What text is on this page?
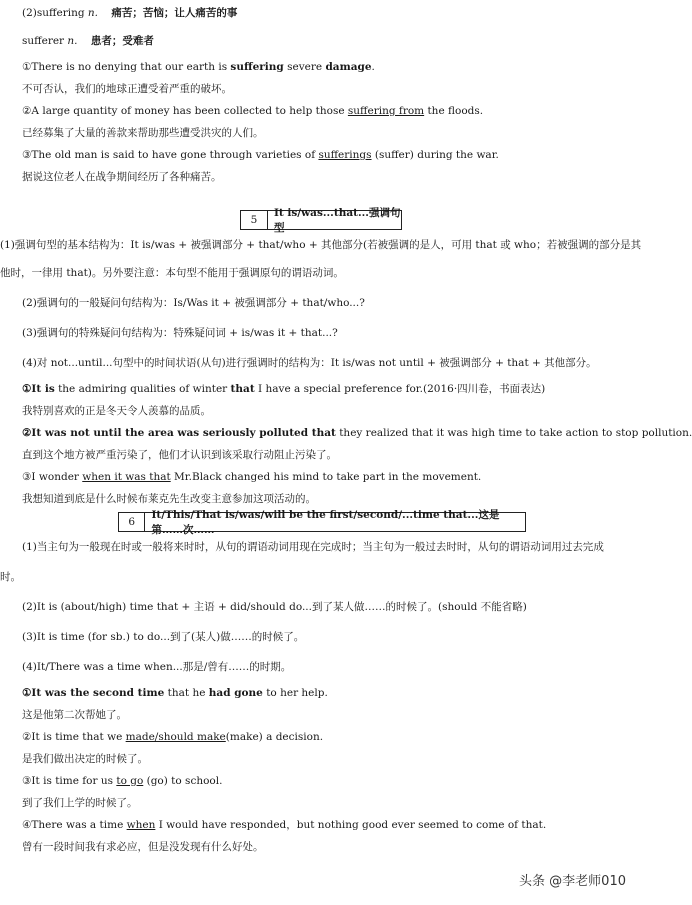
(2)suffering n. 痛苦；苦恼；让人痛苦的事
sufferer n. 患者；受难者
①There is no denying that our earth is suffering severe damage.
不可否认，我们的地球正遭受着严重的破坏。
②A large quantity of money has been collected to help those suffering from the floods.
已经募集了大量的善款来帮助那些遭受洪灾的人们。
③The old man is said to have gone through varieties of sufferings (suffer) during the war.
据说这位老人在战争期间经历了各种痛苦。
5
It is/was...that...强调句型
(1)强调句型的基本结构为：It is/was + 被强调部分 + that/who + 其他部分(若被强调的是人，可用 that 或 who；若被强调的部分是其
他时，一律用 that)。另外要注意：本句型不能用于强调原句的谓语动词。
(2)强调句的一般疑问句结构为：Is/Was it + 被强调部分 + that/who...?
(3)强调句的特殊疑问句结构为：特殊疑问词 + is/was it + that...?
(4)对 not...until...句型中的时间状语(从句)进行强调时的结构为：It is/was not until + 被强调部分 + that + 其他部分。
①It is the admiring qualities of winter that I have a special preference for.(2016·四川卷，书面表达)
我特别喜欢的正是冬天令人羡慕的品质。
②It was not until the area was seriously polluted that they realized that it was high time to take action to stop pollution.
直到这个地方被严重污染了，他们才认识到该采取行动阻止污染了。
③I wonder when it was that Mr.Black changed his mind to take part in the movement.
我想知道到底是什么时候布莱克先生改变主意参加这项活动的。
6
It/This/That is/was/will be the first/second/...time that...这是第……次……
(1)当主句为一般现在时或一般将来时时，从句的谓语动词用现在完成时；当主句为一般过去时时，从句的谓语动词用过去完成
时。
(2)It is (about/high) time that + 主语 + did/should do...到了某人做……的时候了。(should 不能省略)
(3)It is time (for sb.) to do...到了(某人)做……的时候了。
(4)It/There was a time when...那是/曾有……的时期。
①It was the second time that he had gone to her help.
这是他第二次帮她了。
②It is time that we made/should make(make) a decision.
是我们做出决定的时候了。
③It is time for us to go (go) to school.
到了我们上学的时候了。
④There was a time when I would have responded，but nothing good ever seemed to come of that.
曾有一段时间我有求必应，但是没发现有什么好处。
头条 @李老师010
